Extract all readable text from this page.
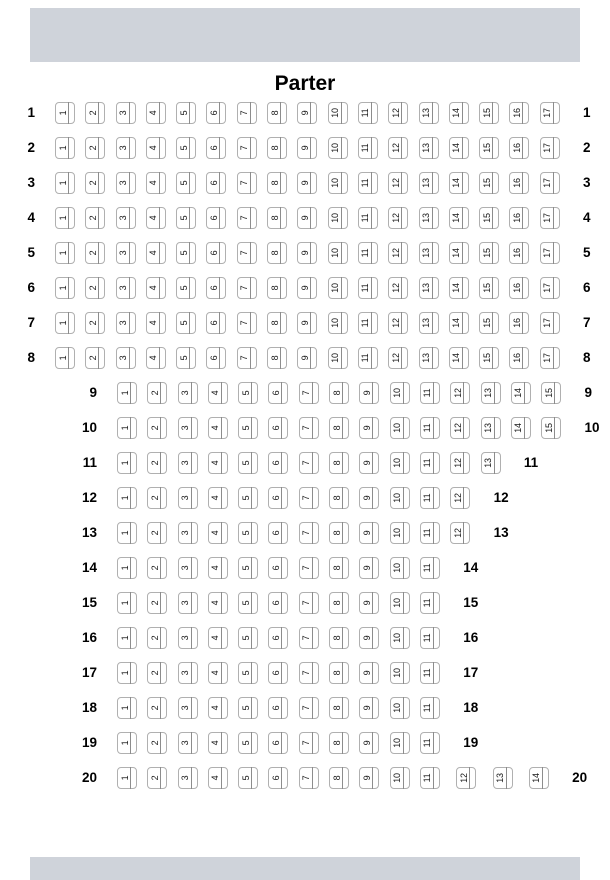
Parter
1	1 2 3 4 5 6 7 8 9 10 11 12 13 14 15 16 17 1
2	1 2 3 4 5 6 7 8 9 10 11 12 13 14 15 16 17 2
3	1 2 3 4 5 6 7 8 9 10 11 12 13 14 15 16 17 3
4	1 2 3 4 5 6 7 8 9 10 11 12 13 14 15 16 17 4
5	1 2 3 4 5 6 7 8 9 10 11 12 13 14 15 16 17 5
6	1 2 3 4 5 6 7 8 9 10 11 12 13 14 15 16 17 6
7	1 2 3 4 5 6 7 8 9 10 11 12 13 14 15 16 17 7
8	1 2 3 4 5 6 7 8 9 10 11 12 13 14 15 16 17 8
9	1 2 3 4 5 6 7 8 9 10 11 12 13 14 15 9
10	1 2 3 4 5 6 7 8 9 10 11 12 13 14 15 10
11	1 2 3 4 5 6 7 8 9 10 11 12 13 11
12	1 2 3 4 5 6 7 8 9 10 11 12 12
13	1 2 3 4 5 6 7 8 9 10 11 12 13
14	1 2 3 4 5 6 7 8 9 10 11 14
15	1 2 3 4 5 6 7 8 9 10 11 15
16	1 2 3 4 5 6 7 8 9 10 11 16
17	1 2 3 4 5 6 7 8 9 10 11 17
18	1 2 3 4 5 6 7 8 9 10 11 18
19	1 2 3 4 5 6 7 8 9 10 11 19
20	1 2 3 4 5 6 7 8 9 10 11	12	13	14 20
